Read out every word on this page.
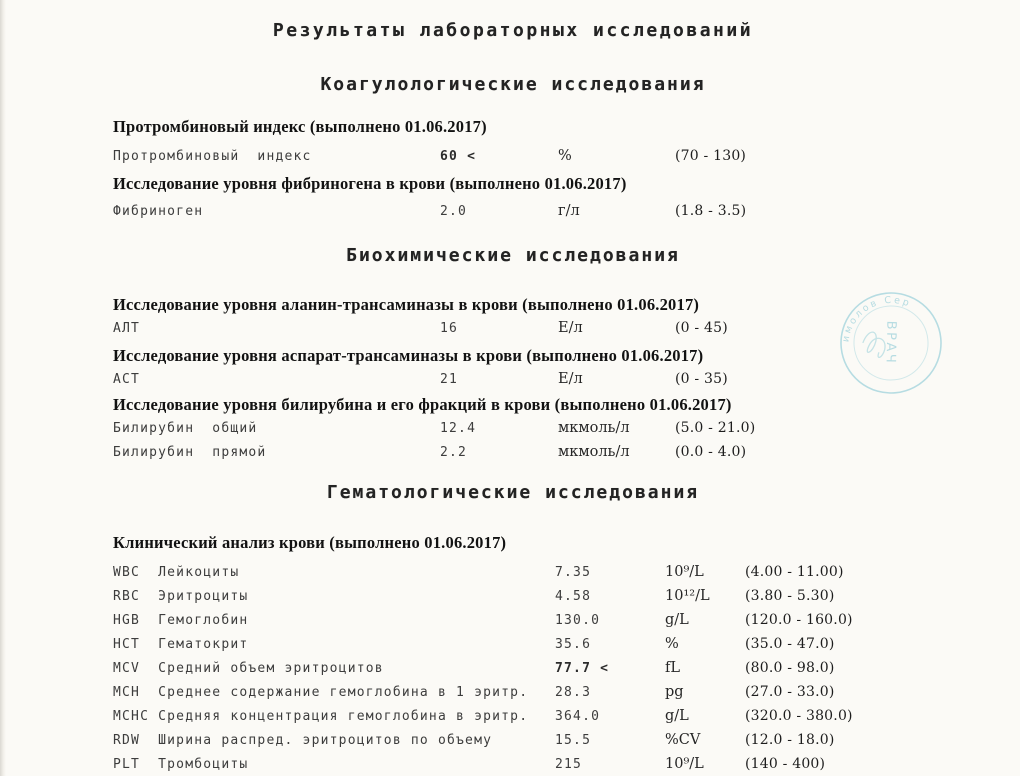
Результаты лабораторных исследований
Коагулологические исследования
Протромбиновый индекс (выполнено 01.06.2017)
Протромбиновый  индекс	60 <	%	(70 - 130)
Исследование уровня фибриногена в крови (выполнено 01.06.2017)
Фибриноген	2.0	г/л	(1.8 - 3.5)
Биохимические исследования
Исследование уровня аланин-трансаминазы в крови (выполнено 01.06.2017)
АЛТ	16	Е/л	(0 - 45)
Исследование уровня аспарат-трансаминазы в крови (выполнено 01.06.2017)
АСТ	21	Е/л	(0 - 35)
Исследование уровня билирубина и его фракций в крови (выполнено 01.06.2017)
Билирубин  общий	12.4	мкмоль/л	(5.0 - 21.0)
Билирубин  прямой	2.2	мкмоль/л	(0.0 - 4.0)
Гематологические исследования
Клинический анализ крови (выполнено 01.06.2017)
WBC  Лейкоциты	7.35	10⁹/L	(4.00 - 11.00)
RBC  Эритроциты	4.58	10¹²/L	(3.80 - 5.30)
HGB  Гемоглобин	130.0	g/L	(120.0 - 160.0)
HCT  Гематокрит	35.6	%	(35.0 - 47.0)
MCV  Средний объем эритроцитов	77.7 <	fL	(80.0 - 98.0)
MCH  Среднее содержание гемоглобина в 1 эритр.	28.3	pg	(27.0 - 33.0)
MCHC Средняя концентрация гемоглобина в эритр.	364.0	g/L	(320.0 - 380.0)
RDW  Ширина распред. эритроцитов по объему	15.5	%CV	(12.0 - 18.0)
PLT  Тромбоциты	215	10⁹/L	(140 - 400)
имолов Сер
ВРАЧ
